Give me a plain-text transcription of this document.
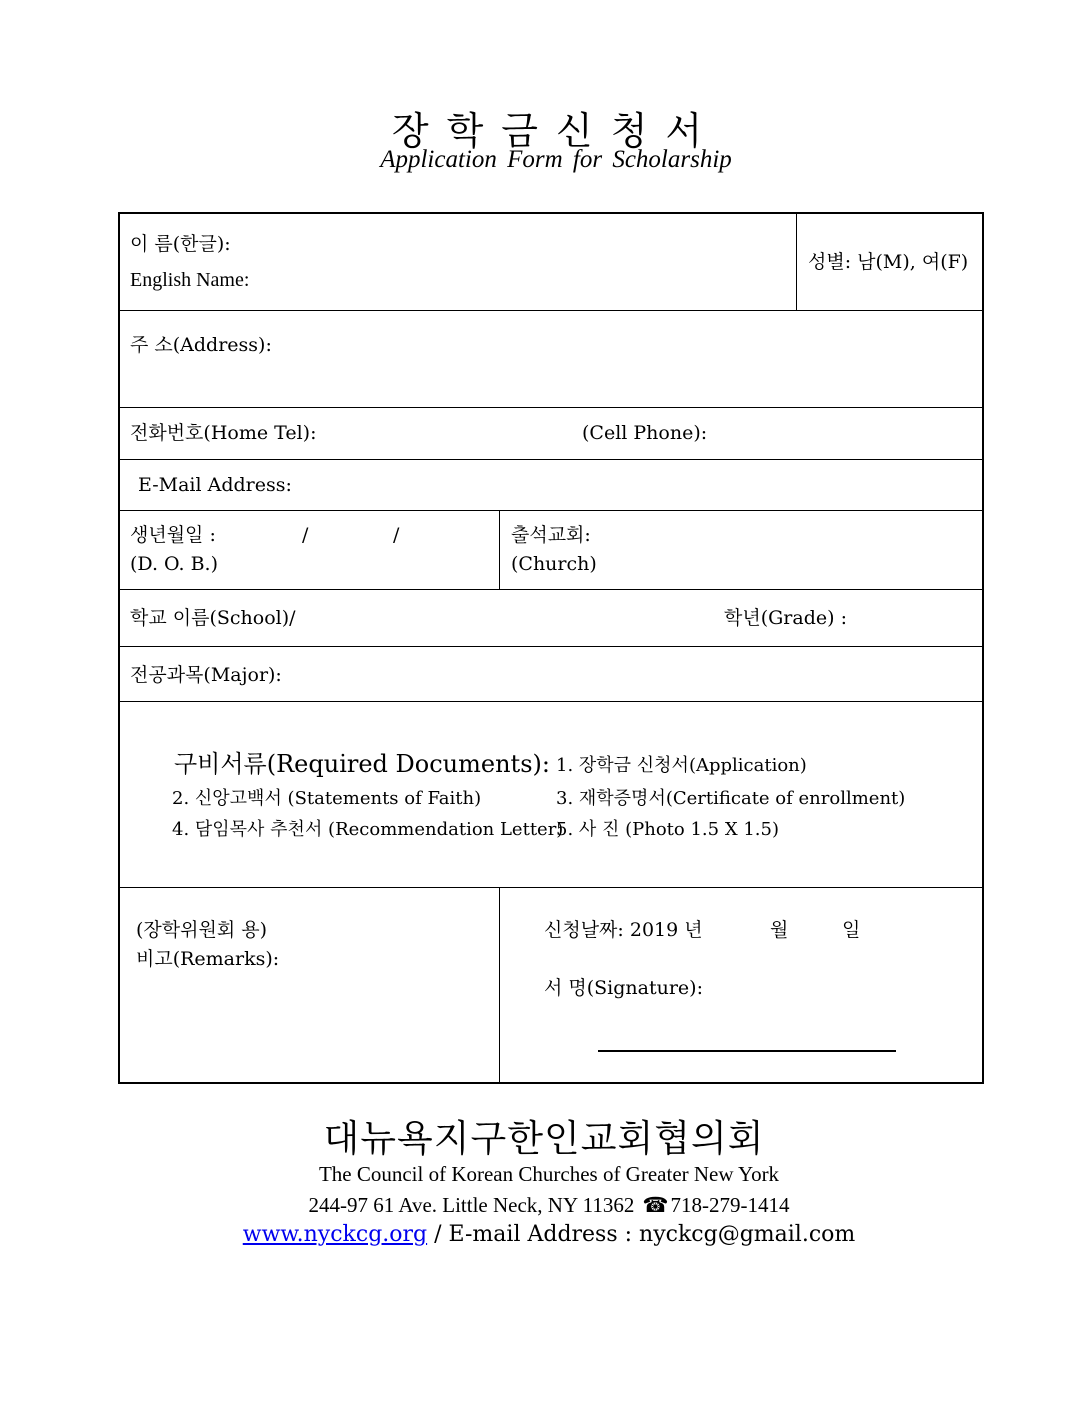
장학금신청서
Application Form for Scholarship
이 름(한글):
English Name:
성별: 남(M), 여(F)
주 소(Address):
전화번호(Home Tel):	(Cell Phone):
E-Mail Address:
생년월일 :	/	/
(D. O. B.)
출석교회:
(Church)
학교 이름(School)/	학년(Grade) :
전공과목(Major):
구비서류(Required Documents): 1. 장학금 신청서(Application)
2. 신앙고백서 (Statements of Faith)	3. 재학증명서(Certificate of enrollment)
4. 담임목사 추천서 (Recommendation Letter)
5. 사 진 (Photo 1.5 X 1.5)
(장학위원회 용)
비고(Remarks):
신청날짜: 2019 년	월	일
서 명(Signature):
대뉴욕지구한인교회협의회
The Council of Korean Churches of Greater New York
244-97 61 Ave. Little Neck, NY 11362 ☎718-279-1414
www.nyckcg.org / E-mail Address : nyckcg@gmail.com
